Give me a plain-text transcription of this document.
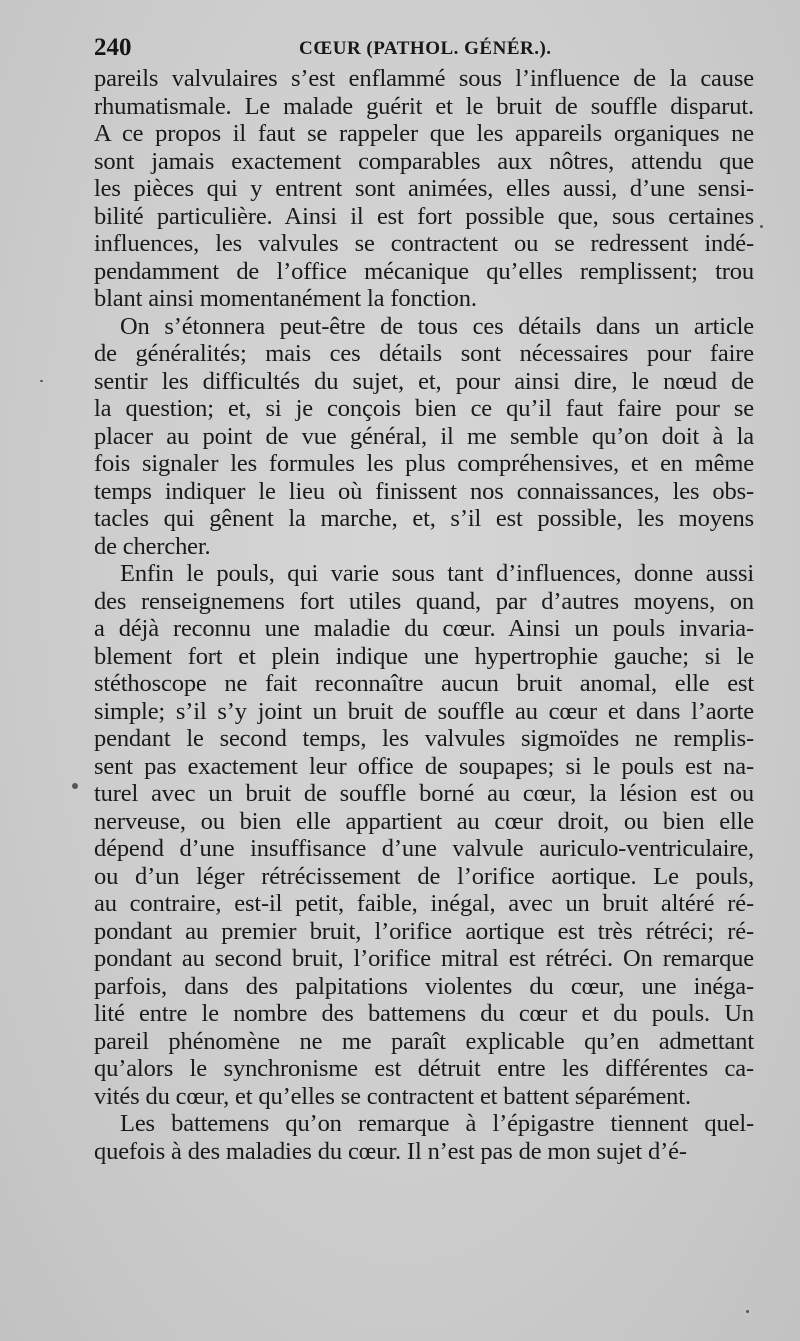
240	CŒUR (PATHOL. GÉNÉR.).
pareils valvulaires s’est enflammé sous l’influence de la cause
rhumatismale. Le malade guérit et le bruit de souffle disparut.
A ce propos il faut se rappeler que les appareils organiques ne
sont jamais exactement comparables aux nôtres, attendu que
les pièces qui y entrent sont animées, elles aussi, d’une sensi-
bilité particulière. Ainsi il est fort possible que, sous certaines
influences, les valvules se contractent ou se redressent indé-
pendamment de l’office mécanique qu’elles remplissent; trou
blant ainsi momentanément la fonction.
On s’étonnera peut-être de tous ces détails dans un article
de généralités; mais ces détails sont nécessaires pour faire
sentir les difficultés du sujet, et, pour ainsi dire, le nœud de
la question; et, si je conçois bien ce qu’il faut faire pour se
placer au point de vue général, il me semble qu’on doit à la
fois signaler les formules les plus compréhensives, et en même
temps indiquer le lieu où finissent nos connaissances, les obs-
tacles qui gênent la marche, et, s’il est possible, les moyens
de chercher.
Enfin le pouls, qui varie sous tant d’influences, donne aussi
des renseignemens fort utiles quand, par d’autres moyens, on
a déjà reconnu une maladie du cœur. Ainsi un pouls invaria-
blement fort et plein indique une hypertrophie gauche; si le
stéthoscope ne fait reconnaître aucun bruit anomal, elle est
simple; s’il s’y joint un bruit de souffle au cœur et dans l’aorte
pendant le second temps, les valvules sigmoïdes ne remplis-
sent pas exactement leur office de soupapes; si le pouls est na-
turel avec un bruit de souffle borné au cœur, la lésion est ou
nerveuse, ou bien elle appartient au cœur droit, ou bien elle
dépend d’une insuffisance d’une valvule auriculo-ventriculaire,
ou d’un léger rétrécissement de l’orifice aortique. Le pouls,
au contraire, est-il petit, faible, inégal, avec un bruit altéré ré-
pondant au premier bruit, l’orifice aortique est très rétréci; ré-
pondant au second bruit, l’orifice mitral est rétréci. On remarque
parfois, dans des palpitations violentes du cœur, une inéga-
lité entre le nombre des battemens du cœur et du pouls. Un
pareil phénomène ne me paraît explicable qu’en admettant
qu’alors le synchronisme est détruit entre les différentes ca-
vités du cœur, et qu’elles se contractent et battent séparément.
Les battemens qu’on remarque à l’épigastre tiennent quel-
quefois à des maladies du cœur. Il n’est pas de mon sujet d’é-
